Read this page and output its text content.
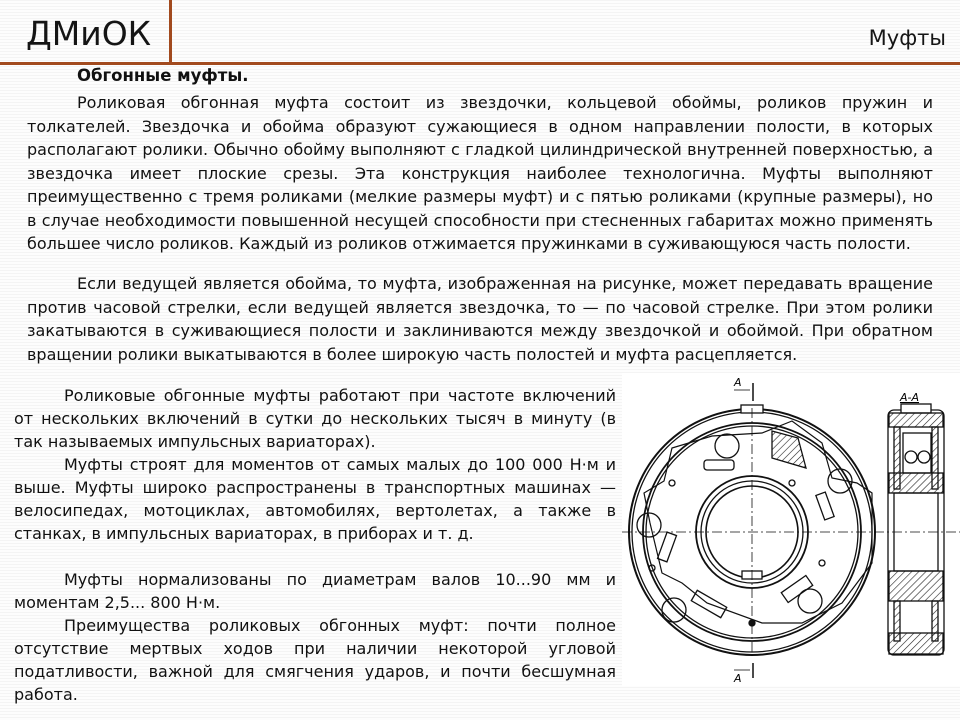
ДМиОК	Муфты
Обгонные муфты.

Роликовая обгонная муфта состоит из звездочки, кольцевой обоймы, роликов пружин и толкателей. Звездочка и обойма образуют сужающиеся в одном направлении полости, в которых располагают ролики. Обычно обойму выполняют с гладкой цилиндрической внутренней поверхностью, а звездочка имеет плоские срезы. Эта конструкция наиболее технологична. Муфты выполняют преимущественно с тремя роликами (мелкие размеры муфт) и с пятью роликами (крупные размеры), но в случае необходимости повышенной несущей способности при стесненных габаритах можно применять большее число роликов. Каждый из роликов отжимается пружинками в суживающуюся часть полости.

Если ведущей является обойма, то муфта, изображенная на рисунке, может передавать вращение против часовой стрелки, если ведущей является звездочка, то — по часовой стрелке. При этом ролики закатываются в суживающиеся полости и заклиниваются между звездочкой и обоймой. При обратном вращении ролики выкатываются в более широкую часть полостей и муфта расцепляется.

Роликовые обгонные муфты работают при частоте включений от нескольких включений в сутки до нескольких тысяч в минуту (в так называемых импульсных вариаторах).

Муфты строят для моментов от самых малых до 100 000 Н·м и выше. Муфты широко распространены в транспортных машинах — велосипедах, мотоциклах, автомобилях, вертолетах, а также в станках, в импульсных вариаторах, в приборах и т. д.

Муфты нормализованы по диаметрам валов 10...90 мм и моментам 2,5... 800 Н·м.

Преимущества роликовых обгонных муфт: почти полное отсутствие мертвых ходов при наличии некоторой угловой податливости, важной для смягчения ударов, и почти бесшумная работа.

А
А
А-А
